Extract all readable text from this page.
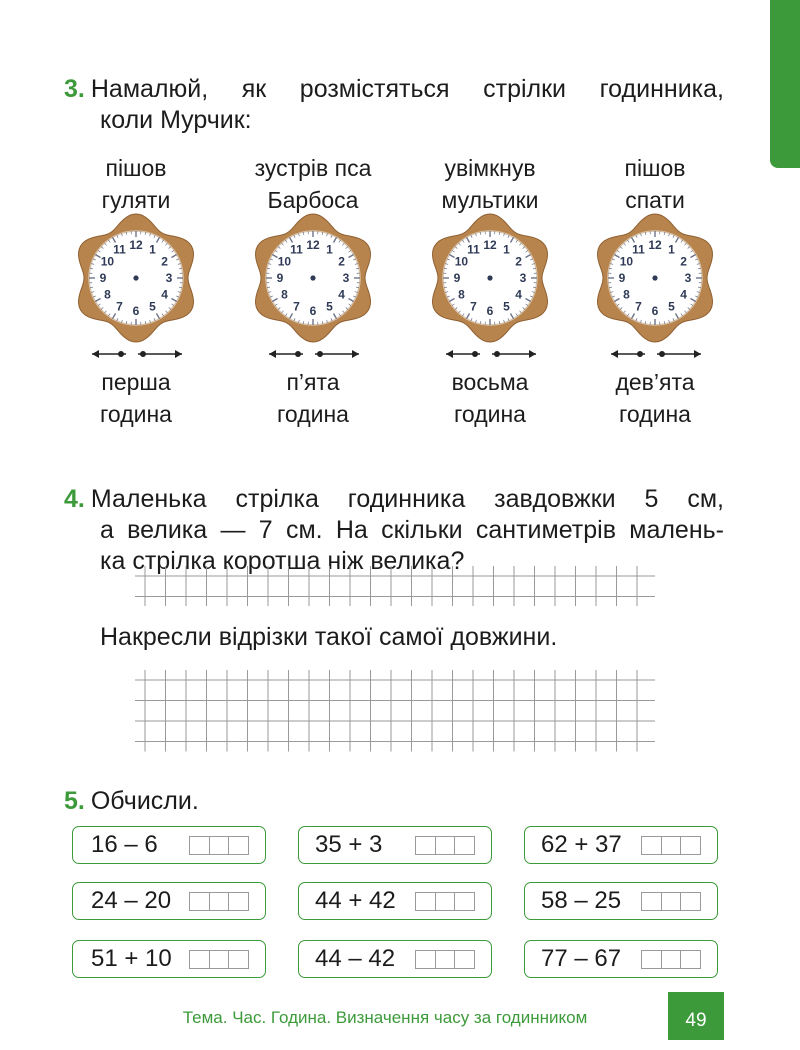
3. Намалюй, як розмістяться стрілки годинника,
коли Мурчик:
пішов
гуляти
перша
година
12 1
2
3
4
5
6
7
8
9
10
11
зустрів пса
Барбоса
п’ята
година
12 1
2
3
4
5
6
7
8
9
10
11
увімкнув
мультики
восьма
година
12 1
2
3
4
5
6
7
8
9
10
11
пішов
спати
дев’ята
година
12 1
2
3
4
5
6
7
8
9
10
11
4. Маленька стрілка годинника завдовжки 5 см,
а велика — 7 см. На скільки сантиметрів малень-
ка стрілка коротша ніж велика?
Накресли відрізки такої самої довжини.
5. Обчисли.
16 – 6	35 + 3	62 + 37
24 – 20	44 + 42	58 – 25
51 + 10	44 – 42	77 – 67
Тема. Час. Година. Визначення часу за годинником	49
